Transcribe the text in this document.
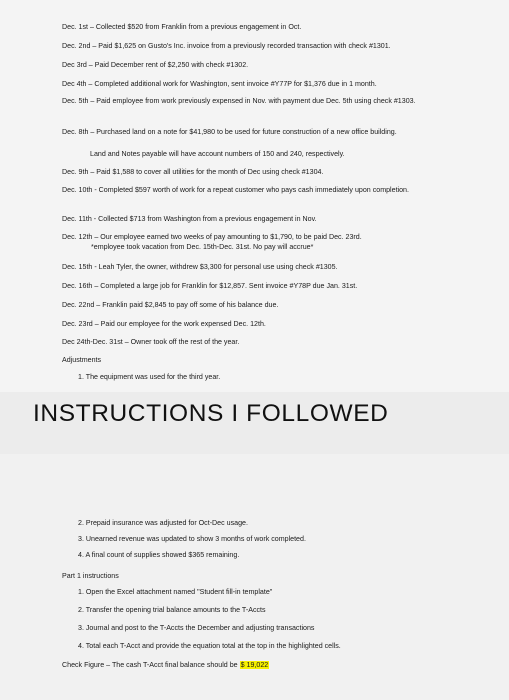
Dec. 1st – Collected $520 from Franklin from a previous engagement in Oct.
Dec. 2nd – Paid $1,625 on Gusto's Inc. invoice from a previously recorded transaction with check #1301.
Dec 3rd – Paid December rent of $2,250 with check #1302.
Dec 4th – Completed additional work for Washington, sent invoice #Y77P for $1,376 due in 1 month.
Dec. 5th – Paid employee from work previously expensed in Nov. with payment due Dec. 5th using check #1303.
Dec. 8th – Purchased land on a note for $41,980 to be used for future construction of a new office building.
Land and Notes payable will have account numbers of 150 and 240, respectively.
Dec. 9th – Paid $1,588 to cover all utilities for the month of Dec using check #1304.
Dec. 10th - Completed $597 worth of work for a repeat customer who pays cash immediately upon completion.
Dec. 11th - Collected $713 from Washington from a previous engagement in Nov.
Dec. 12th – Our employee earned two weeks of pay amounting to $1,790, to be paid Dec. 23rd.
*employee took vacation from Dec. 15th-Dec. 31st. No pay will accrue*
Dec. 15th - Leah Tyler, the owner, withdrew $3,300 for personal use using check #1305.
Dec. 16th – Completed a large job for Franklin for $12,857. Sent invoice #Y78P due Jan. 31st.
Dec. 22nd – Franklin paid $2,845 to pay off some of his balance due.
Dec. 23rd – Paid our employee for the work expensed Dec. 12th.
Dec 24th-Dec. 31st – Owner took off the rest of the year.
Adjustments
1. The equipment was used for the third year.
INSTRUCTIONS I FOLLOWED
2. Prepaid insurance was adjusted for Oct-Dec usage.
3. Unearned revenue was updated to show 3 months of work completed.
4. A final count of supplies showed $365 remaining.
Part 1 instructions
1. Open the Excel attachment named "Student fill-in template"
2. Transfer the opening trial balance amounts to the T-Accts
3. Journal and post to the T-Accts the December and adjusting transactions
4. Total each T-Acct and provide the equation total at the top in the highlighted cells.
Check Figure – The cash T-Acct final balance should be $ 19,022
